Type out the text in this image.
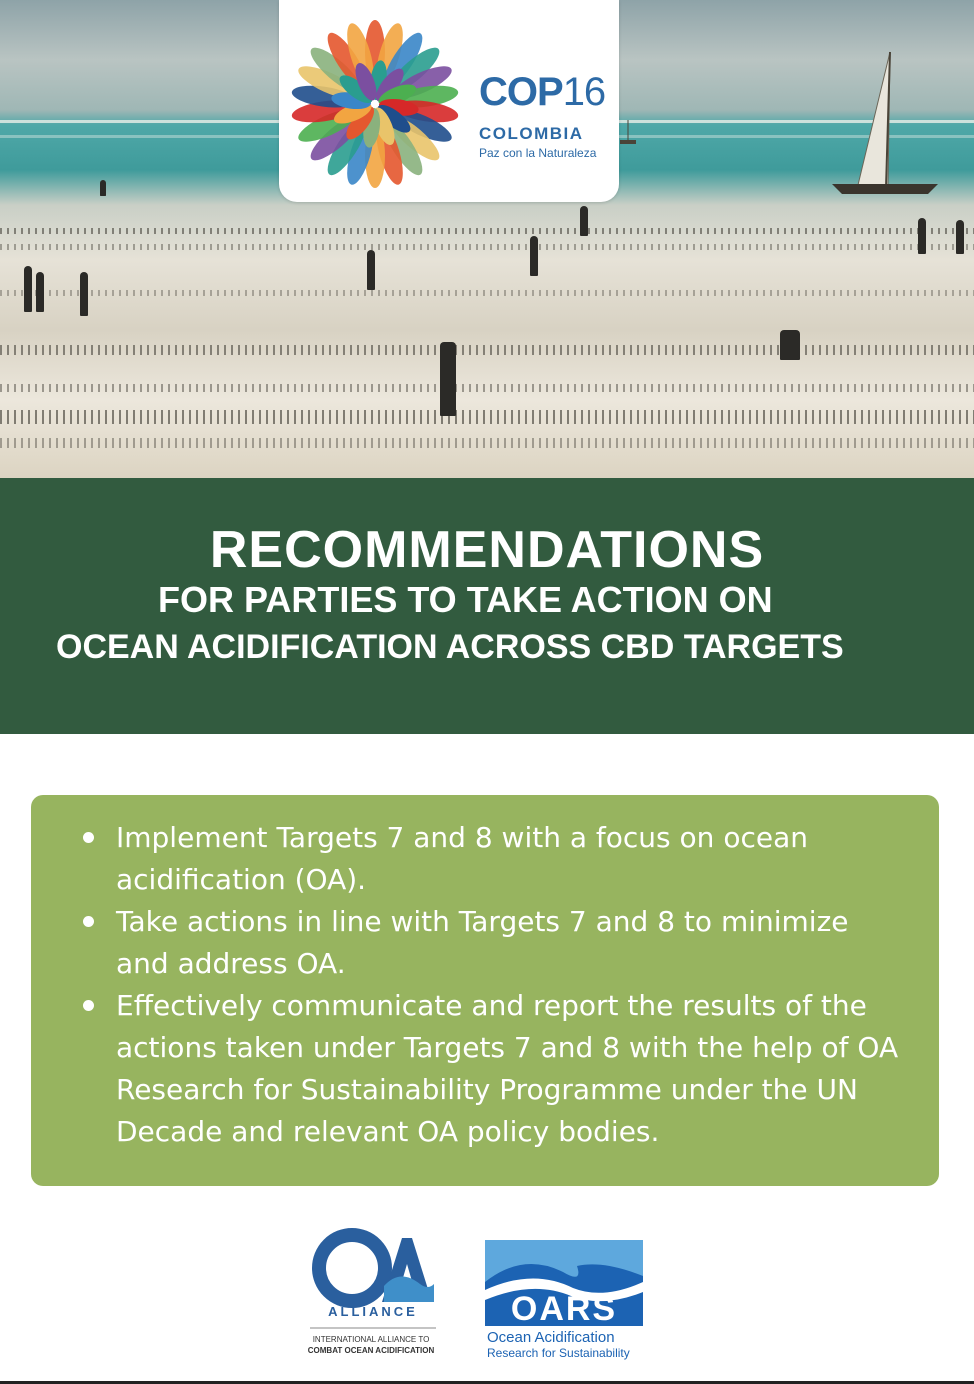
COP16
COLOMBIA
Paz con la Naturaleza
RECOMMENDATIONS
FOR PARTIES TO TAKE ACTION ON
OCEAN ACIDIFICATION ACROSS CBD TARGETS
Implement Targets 7 and 8 with a focus on ocean acidification (OA).
Take actions in line with Targets 7 and 8 to minimize and address OA.
Effectively communicate and report the results of the actions taken under Targets 7 and 8 with the help of OA Research for Sustainability Programme under the UN Decade and relevant OA policy bodies.
ALLIANCE
INTERNATIONAL ALLIANCE TO
COMBAT OCEAN ACIDIFICATION
OARS
Ocean Acidification
Research for Sustainability
